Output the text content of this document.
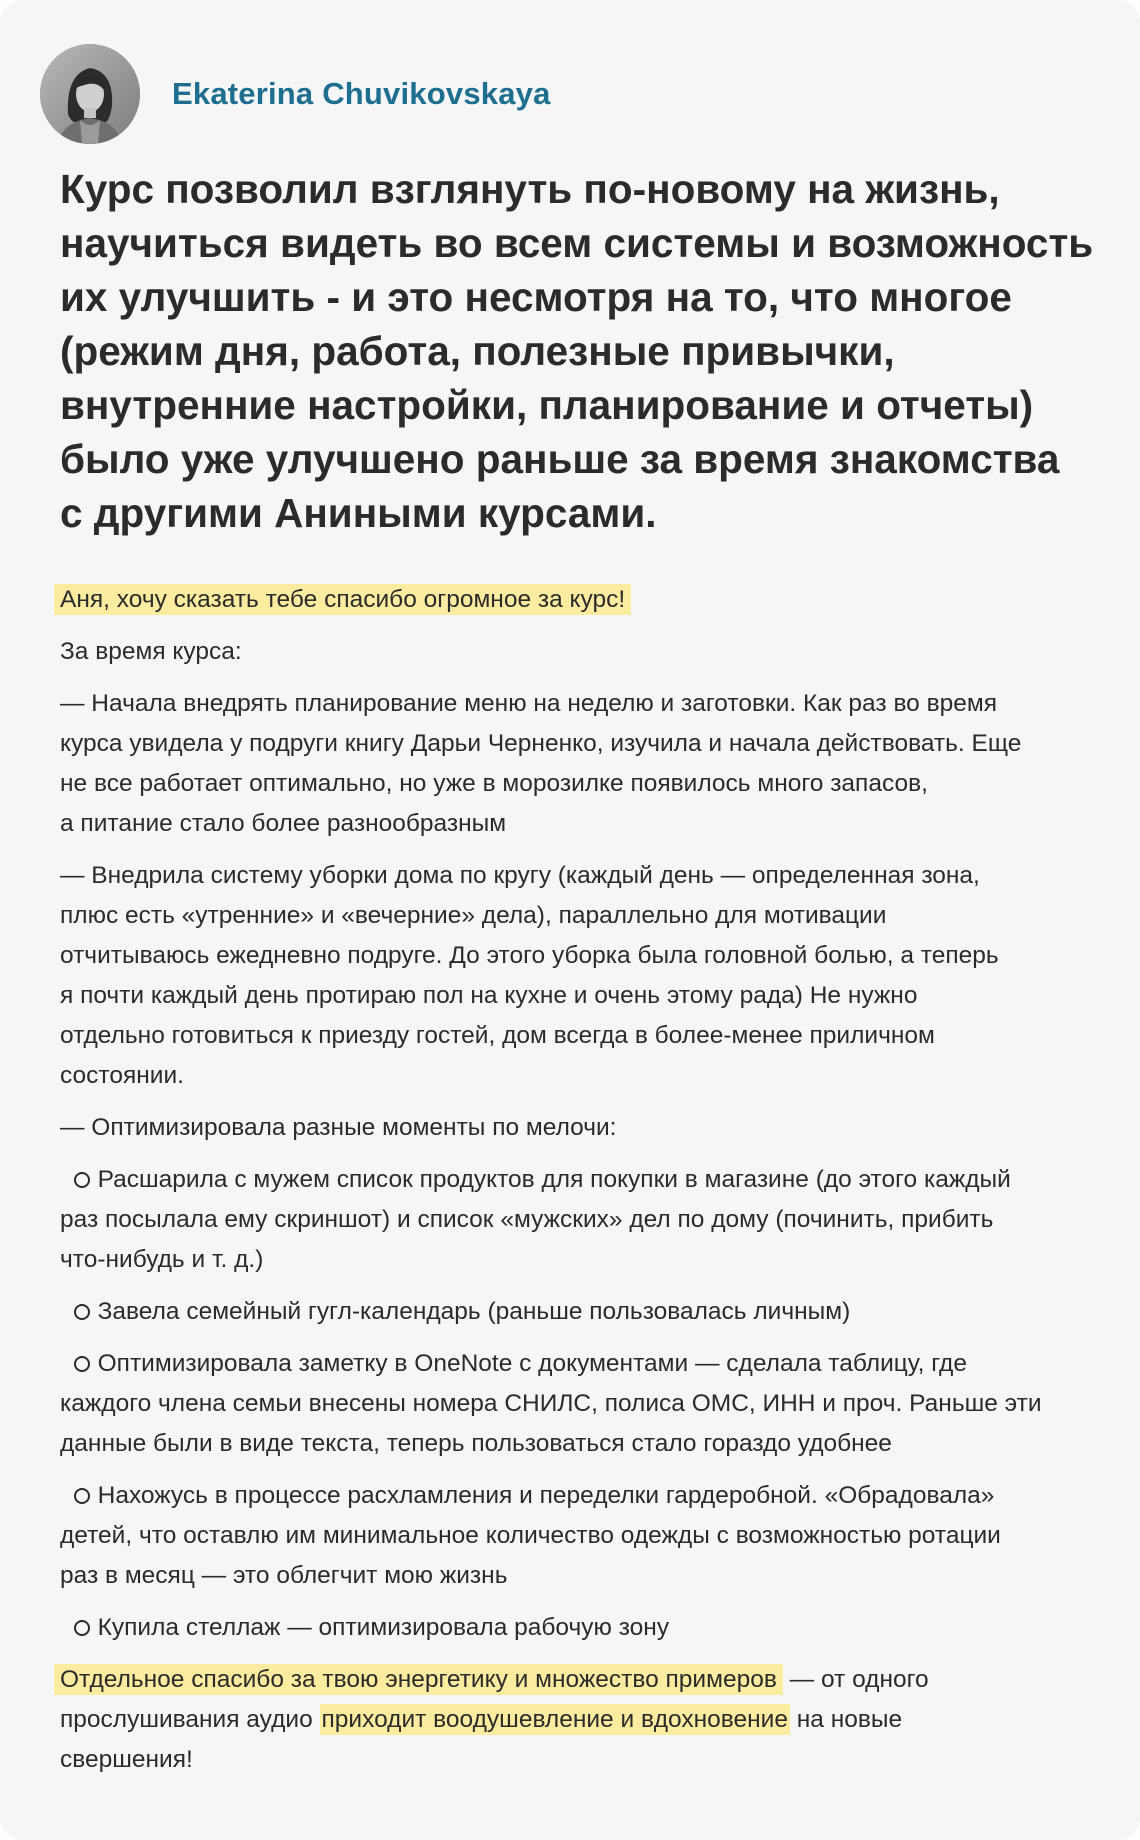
Ekaterina Chuvikovskaya
Курс позволил взглянуть по-новому на жизнь,
научиться видеть во всем системы и возможность
их улучшить - и это несмотря на то, что многое
(режим дня, работа, полезные привычки,
внутренние настройки, планирование и отчеты)
было уже улучшено раньше за время знакомства
с другими Аниными курсами.
Аня, хочу сказать тебе спасибо огромное за курс!
За время курса:
— Начала внедрять планирование меню на неделю и заготовки. Как раз во время
курса увидела у подруги книгу Дарьи Черненко, изучила и начала действовать. Еще
не все работает оптимально, но уже в морозилке появилось много запасов,
а питание стало более разнообразным
— Внедрила систему уборки дома по кругу (каждый день — определенная зона,
плюс есть «утренние» и «вечерние» дела), параллельно для мотивации
отчитываюсь ежедневно подруге. До этого уборка была головной болью, а теперь
я почти каждый день протираю пол на кухне и очень этому рада) Не нужно
отдельно готовиться к приезду гостей, дом всегда в более-менее приличном
состоянии.
— Оптимизировала разные моменты по мелочи:
Расшарила с мужем список продуктов для покупки в магазине (до этого каждый
раз посылала ему скриншот) и список «мужских» дел по дому (починить, прибить
что-нибудь и т. д.)
Завела семейный гугл-календарь (раньше пользовалась личным)
Оптимизировала заметку в OneNote с документами — сделала таблицу, где
каждого члена семьи внесены номера СНИЛС, полиса ОМС, ИНН и проч. Раньше эти
данные были в виде текста, теперь пользоваться стало гораздо удобнее
Нахожусь в процессе расхламления и переделки гардеробной. «Обрадовала»
детей, что оставлю им минимальное количество одежды с возможностью ротации
раз в месяц — это облегчит мою жизнь
Купила стеллаж — оптимизировала рабочую зону
Отдельное спасибо за твою энергетику и множество примеров — от одного
прослушивания аудио приходит воодушевление и вдохновение на новые
свершения!
